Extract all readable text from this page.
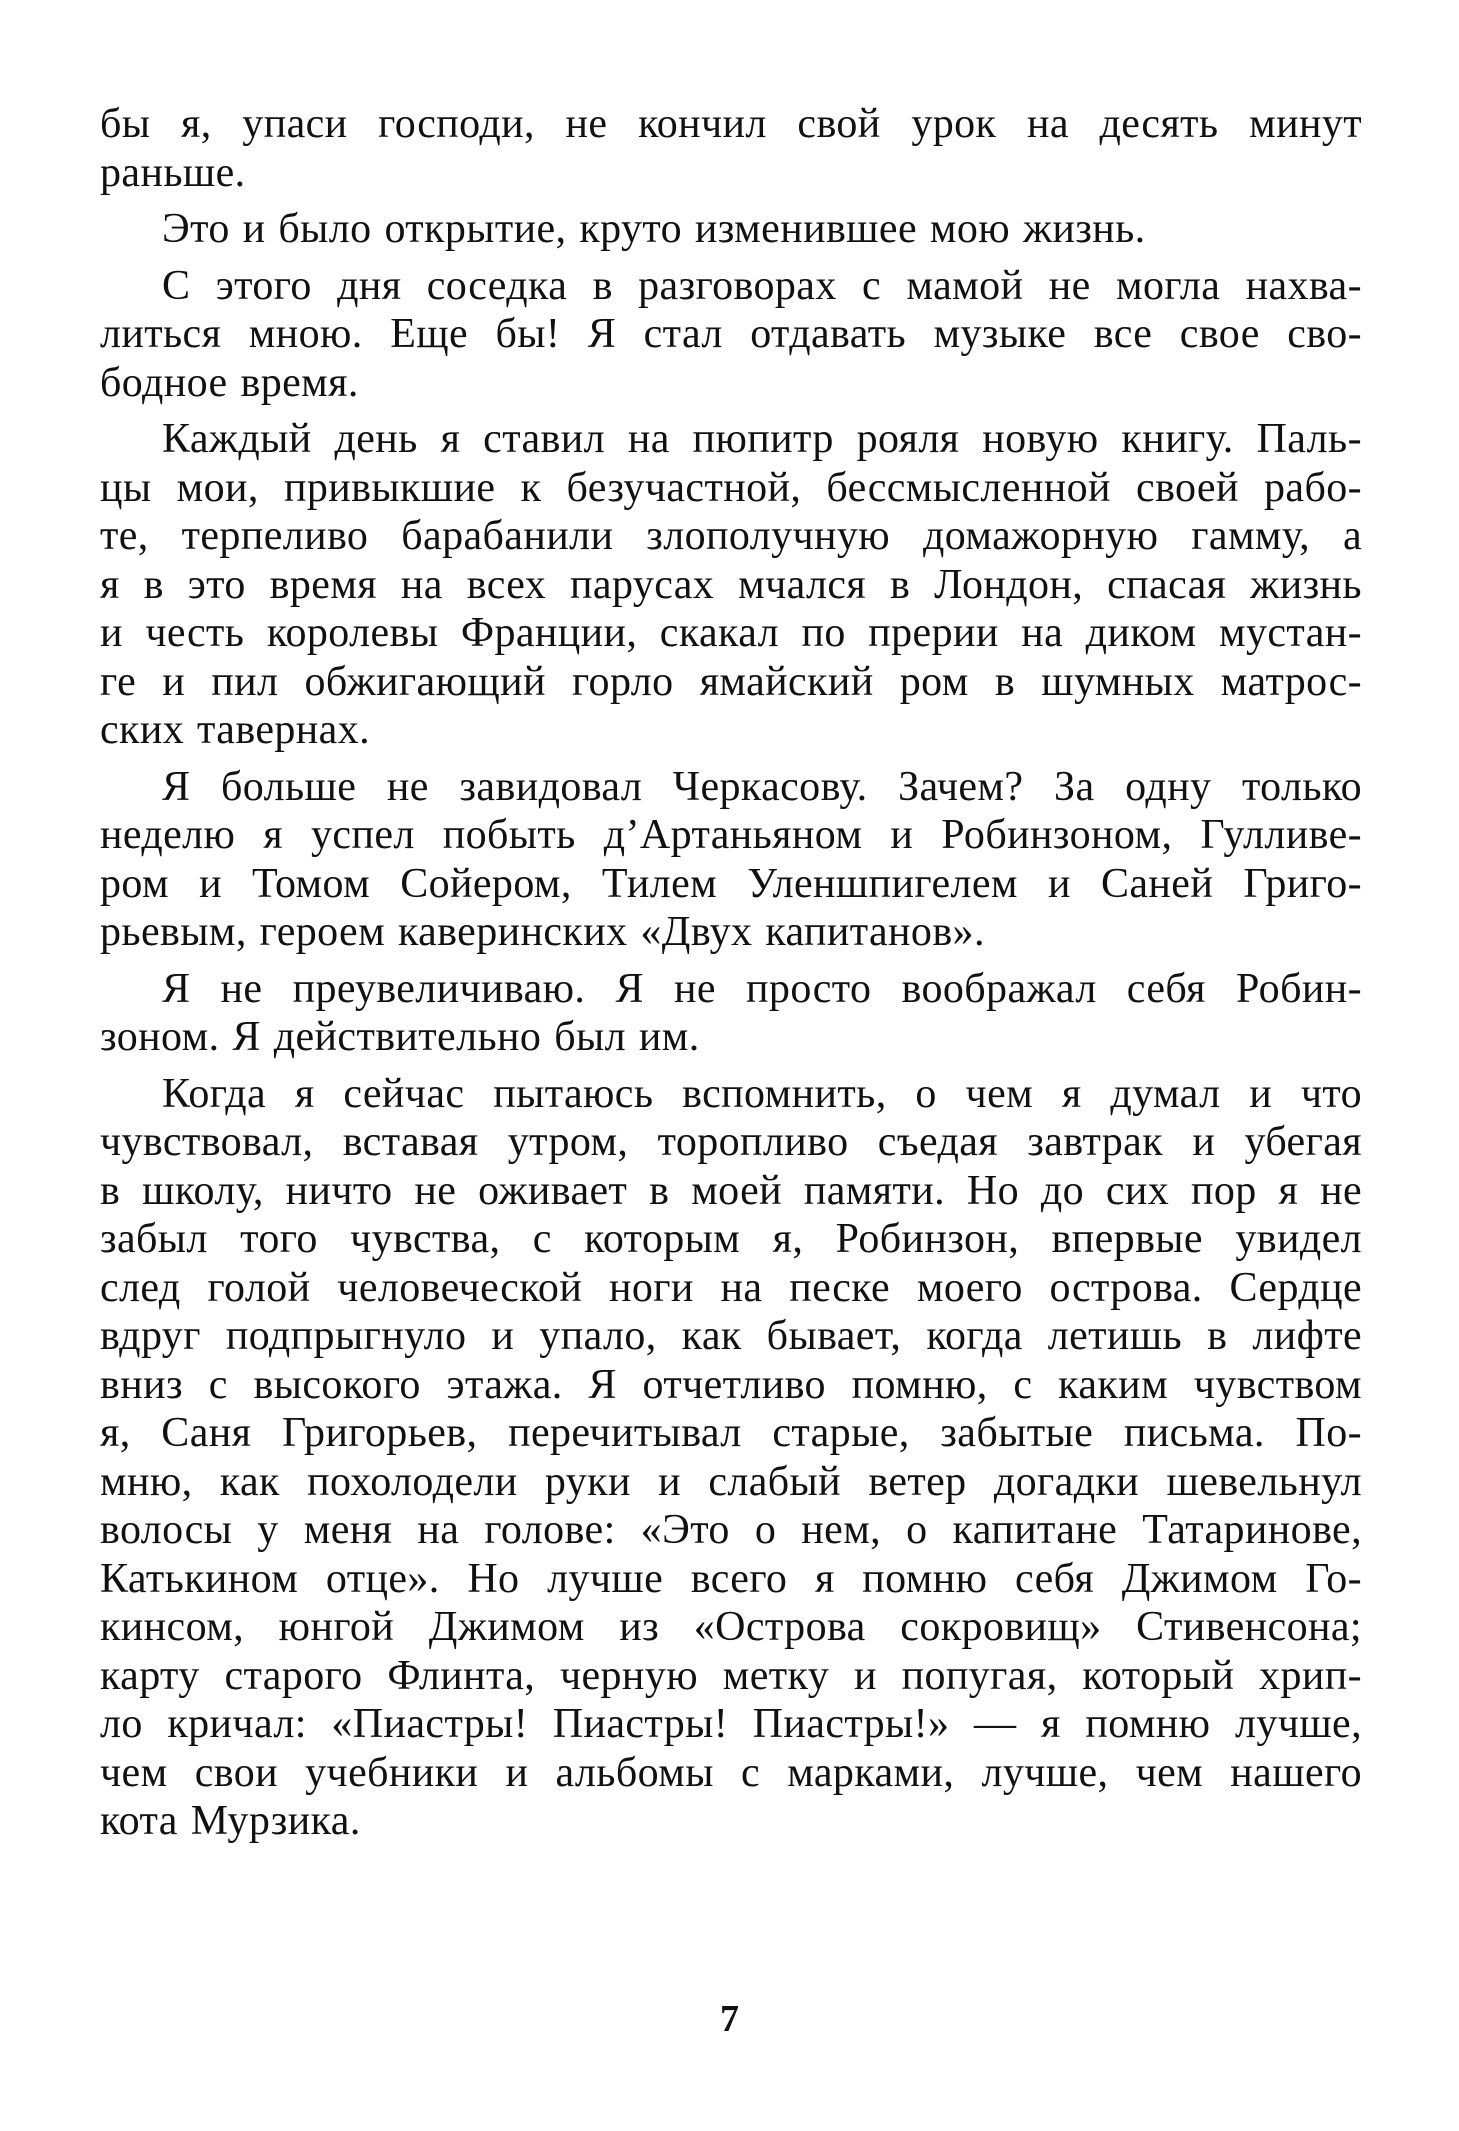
бы я, упаси господи, не кончил свой урок на десять минут
раньше.
Это и было открытие, круто изменившее мою жизнь.
С этого дня соседка в разговорах с мамой не могла нахва-
литься мною. Еще бы! Я стал отдавать музыке все свое сво-
бодное время.
Каждый день я ставил на пюпитр рояля новую книгу. Паль-
цы мои, привыкшие к безучастной, бессмысленной своей рабо-
те, терпеливо барабанили злополучную домажорную гамму, а
я в это время на всех парусах мчался в Лондон, спасая жизнь
и честь королевы Франции, скакал по прерии на диком мустан-
ге и пил обжигающий горло ямайский ром в шумных матрос-
ских тавернах.
Я больше не завидовал Черкасову. Зачем? За одну только
неделю я успел побыть д’Артаньяном и Робинзоном, Гулливе-
ром и Томом Сойером, Тилем Уленшпигелем и Саней Григо-
рьевым, героем каверинских «Двух капитанов».
Я не преувеличиваю. Я не просто воображал себя Робин-
зоном. Я действительно был им.
Когда я сейчас пытаюсь вспомнить, о чем я думал и что
чувствовал, вставая утром, торопливо съедая завтрак и убегая
в школу, ничто не оживает в моей памяти. Но до сих пор я не
забыл того чувства, с которым я, Робинзон, впервые увидел
след голой человеческой ноги на песке моего острова. Сердце
вдруг подпрыгнуло и упало, как бывает, когда летишь в лифте
вниз с высокого этажа. Я отчетливо помню, с каким чувством
я, Саня Григорьев, перечитывал старые, забытые письма. По-
мню, как похолодели руки и слабый ветер догадки шевельнул
волосы у меня на голове: «Это о нем, о капитане Татаринове,
Катькином отце». Но лучше всего я помню себя Джимом Го-
кинсом, юнгой Джимом из «Острова сокровищ» Стивенсона;
карту старого Флинта, черную метку и попугая, который хрип-
ло кричал: «Пиастры! Пиастры! Пиастры!» — я помню лучше,
чем свои учебники и альбомы с марками, лучше, чем нашего
кота Мурзика.
7
